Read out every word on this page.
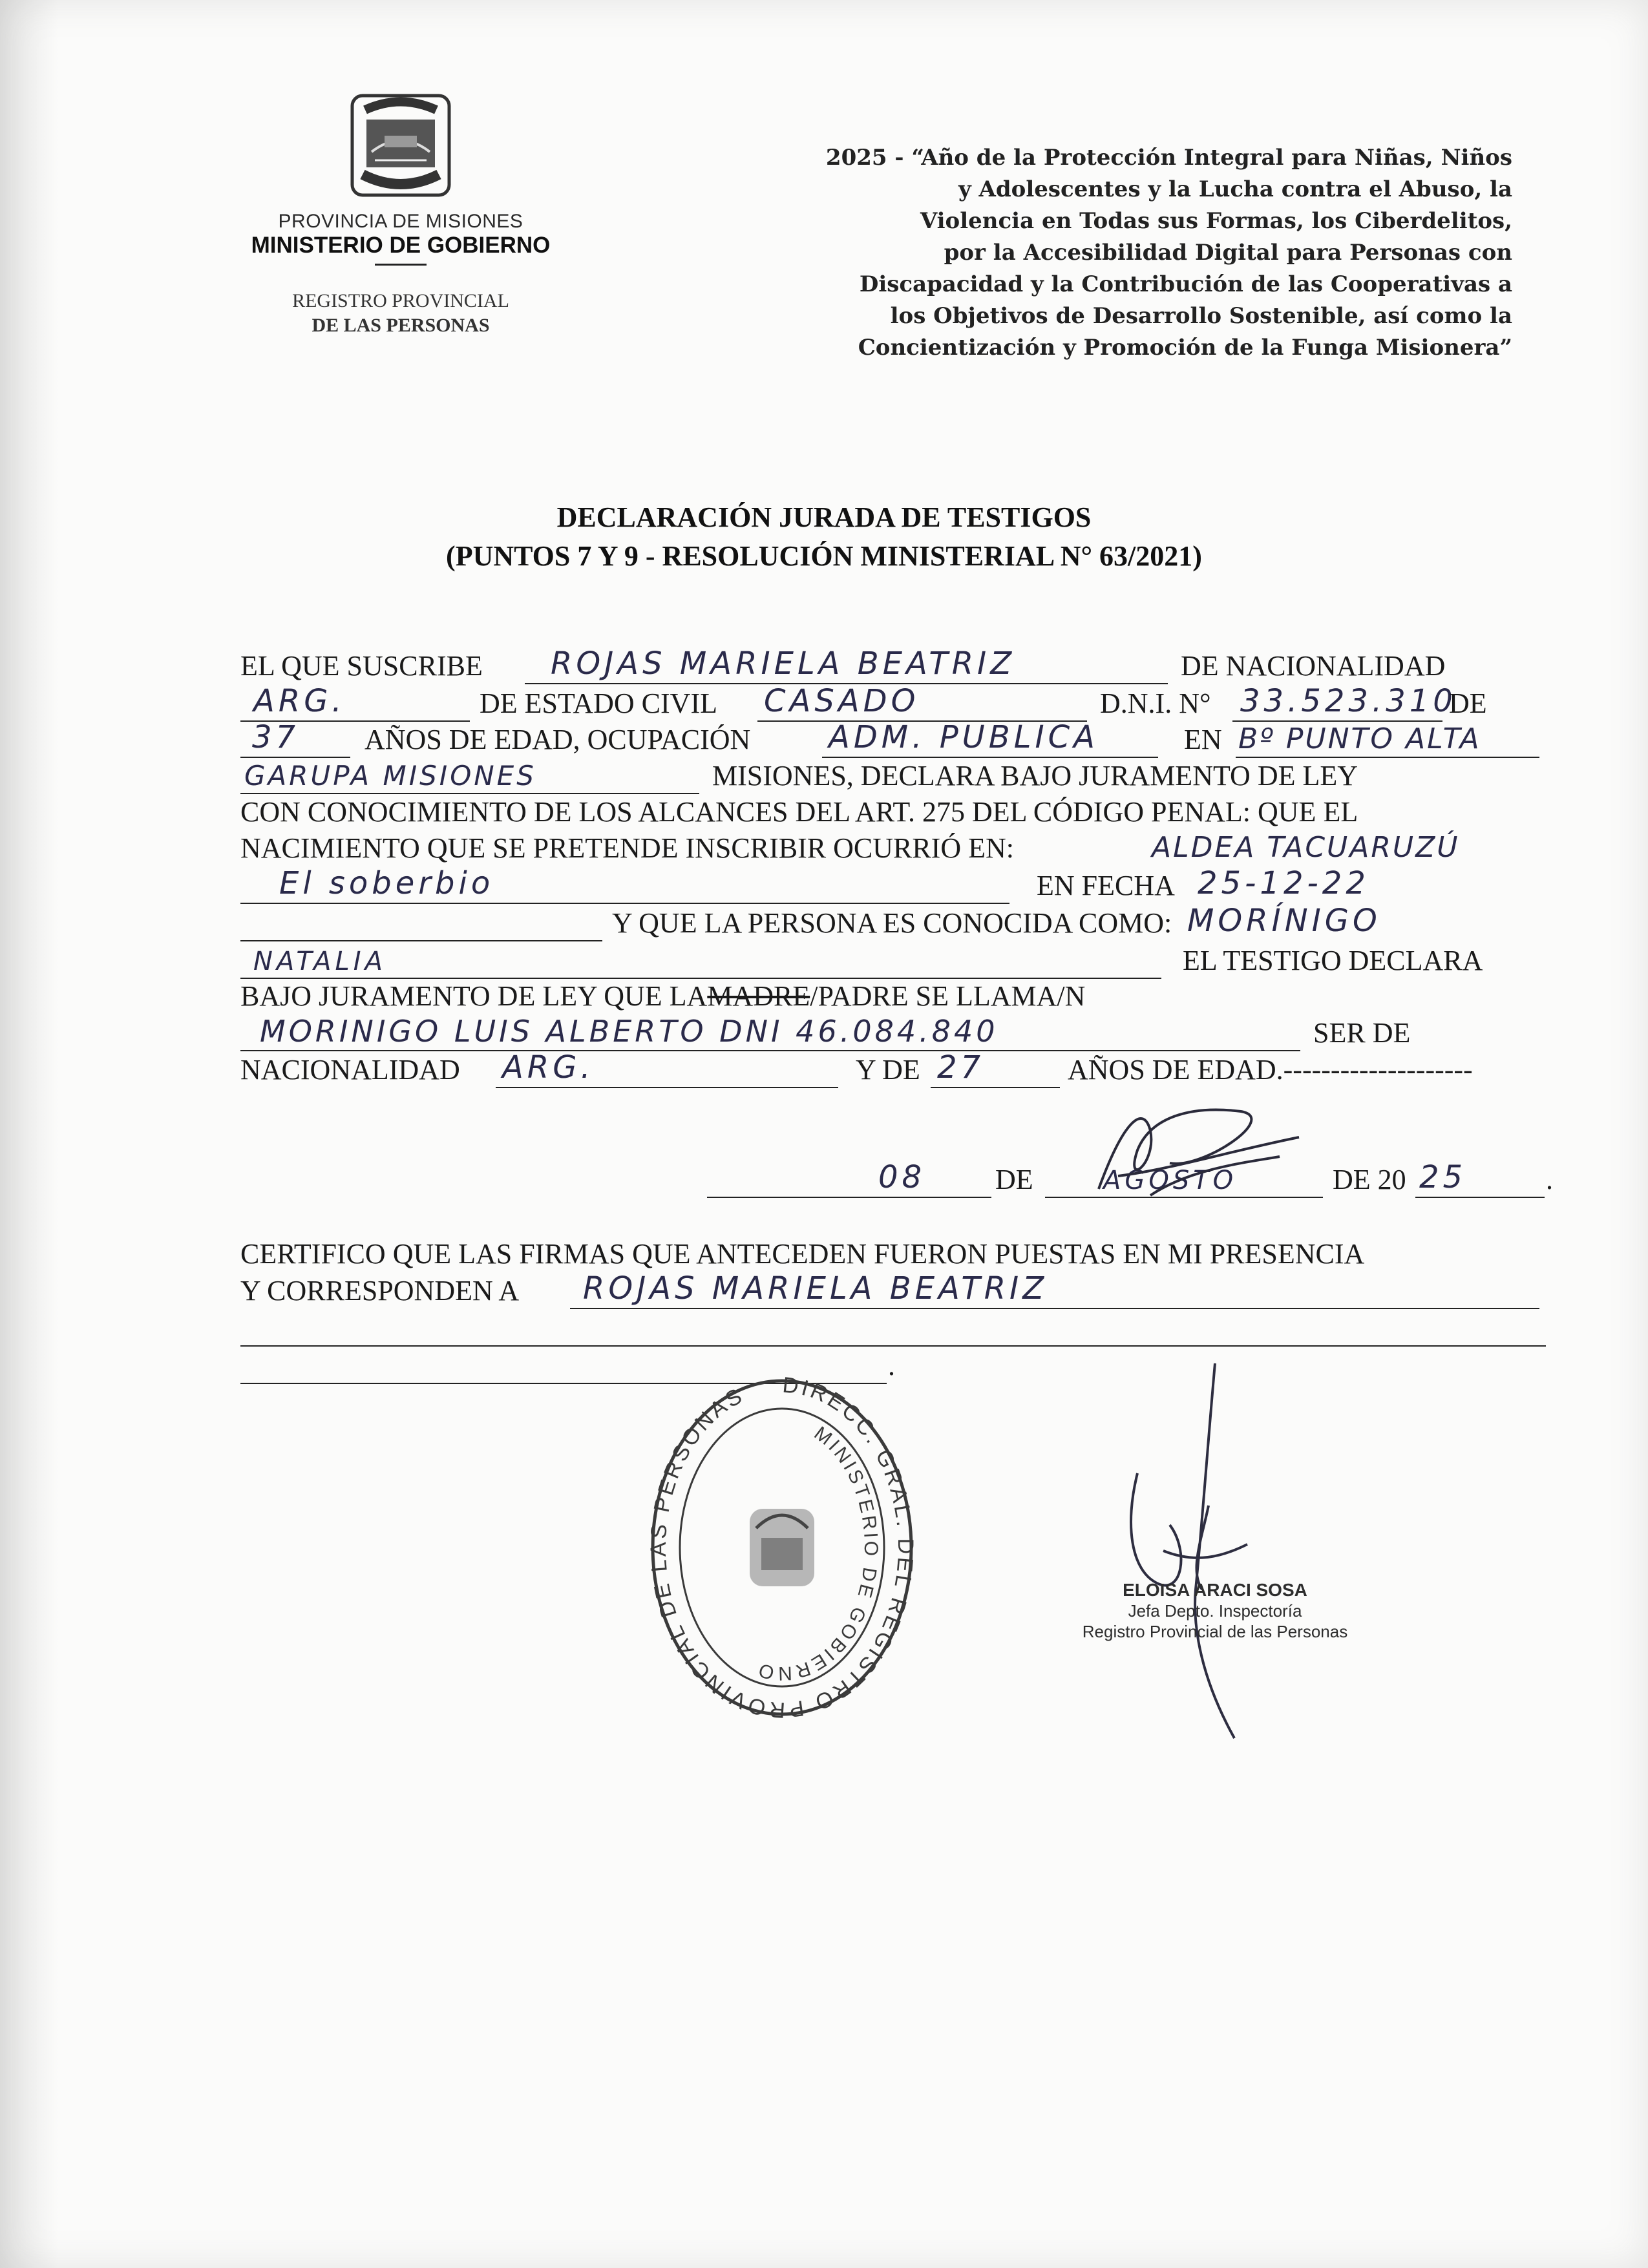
PROVINCIA DE MISIONES
MINISTERIO DE GOBIERNO
REGISTRO PROVINCIAL
DE LAS PERSONAS
2025 - “Año de la Protección Integral para Niñas, Niños
y Adolescentes y la Lucha contra el Abuso, la
Violencia en Todas sus Formas, los Ciberdelitos,
por la Accesibilidad Digital para Personas con
Discapacidad y la Contribución de las Cooperativas a
los Objetivos de Desarrollo Sostenible, así como la
Concientización y Promoción de la Funga Misionera”
DECLARACIÓN JURADA DE TESTIGOS
(PUNTOS 7 Y 9 - RESOLUCIÓN MINISTERIAL N° 63/2021)
EL QUE SUSCRIBE ROJAS MARIELA BEATRIZ	DE NACIONALIDAD
ARG.	DE ESTADO CIVIL CASADO	D.N.I. N° 33.523.310
DE
37 AÑOS DE EDAD, OCUPACIÓN	ADM. PUBLICA	EN Bº PUNTO ALTA
GARUPA MISIONES	MISIONES, DECLARA BAJO JURAMENTO DE LEY
CON CONOCIMIENTO DE LOS ALCANCES DEL ART. 275 DEL CÓDIGO PENAL: QUE EL
NACIMIENTO QUE SE PRETENDE INSCRIBIR OCURRIÓ EN:	ALDEA TACUARUZÚ
El soberbio	EN FECHA 25-12-22
Y QUE LA PERSONA ES CONOCIDA COMO: MORÍNIGO
NATALIA	EL TESTIGO DECLARA
BAJO JURAMENTO DE LEY QUE LAMADRE/PADRE SE LLAMA/N
MORINIGO LUIS ALBERTO DNI 46.084.840	SER DE
NACIONALIDAD ARG.	Y DE 27	AÑOS DE EDAD.--------------------
08 DE	AGOSTO	DE 20 25	.
CERTIFICO QUE LAS FIRMAS QUE ANTECEDEN FUERON PUESTAS EN MI PRESENCIA
Y CORRESPONDEN A ROJAS MARIELA BEATRIZ
.
DIRECC. GRAL. DEL REGISTRO PROVINCIAL DE LAS PERSONAS
MINISTERIO DE GOBIERNO
ELOISA ARACI SOSA
Jefa Depto. Inspectoría
Registro Provincial de las Personas
